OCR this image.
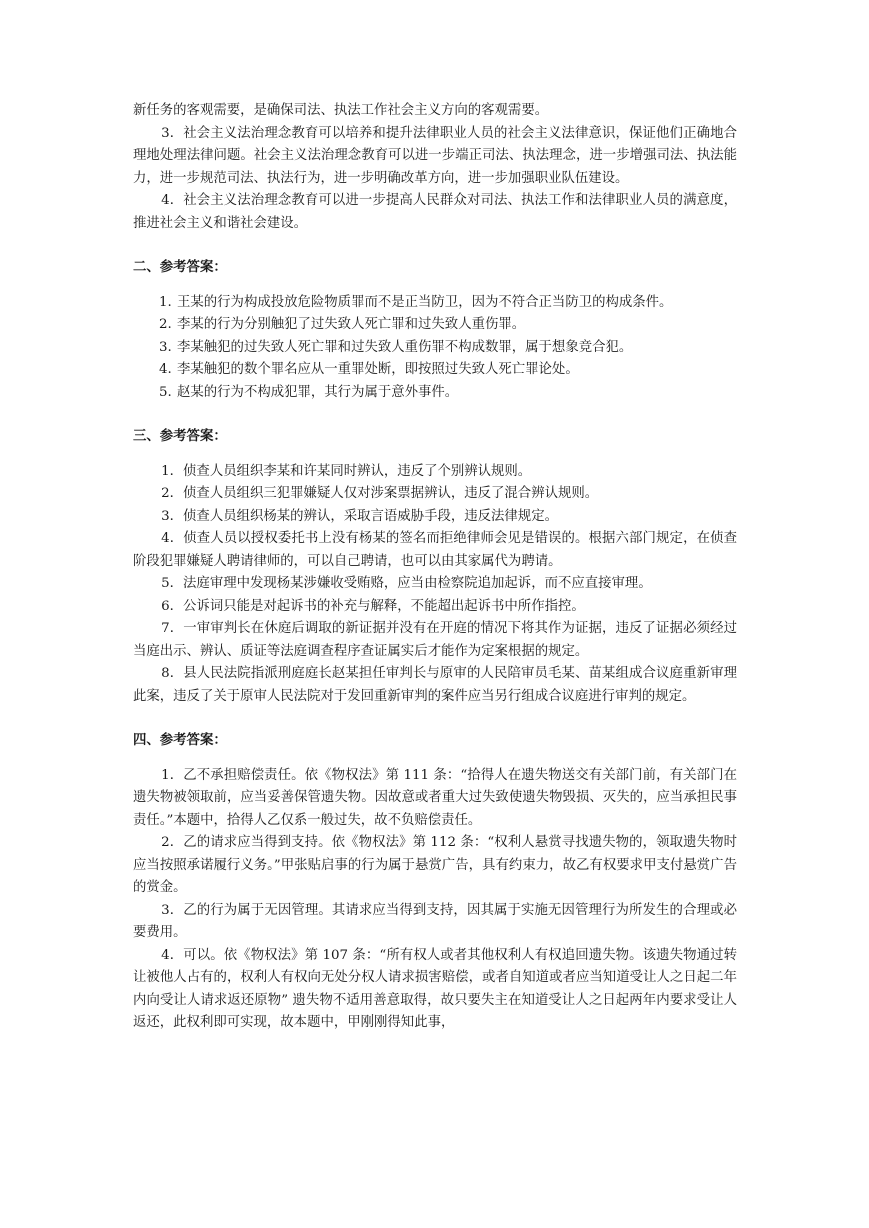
新任务的客观需要，是确保司法、执法工作社会主义方向的客观需要。

3．社会主义法治理念教育可以培养和提升法律职业人员的社会主义法律意识，保证他们正确地合理地处理法律问题。社会主义法治理念教育可以进一步端正司法、执法理念，进一步增强司法、执法能力，进一步规范司法、执法行为，进一步明确改革方向，进一步加强职业队伍建设。

4．社会主义法治理念教育可以进一步提高人民群众对司法、执法工作和法律职业人员的满意度，推进社会主义和谐社会建设。

二、参考答案：
1. 王某的行为构成投放危险物质罪而不是正当防卫，因为不符合正当防卫的构成条件。
2. 李某的行为分别触犯了过失致人死亡罪和过失致人重伤罪。
3. 李某触犯的过失致人死亡罪和过失致人重伤罪不构成数罪，属于想象竞合犯。
4. 李某触犯的数个罪名应从一重罪处断，即按照过失致人死亡罪论处。
5. 赵某的行为不构成犯罪，其行为属于意外事件。
三、参考答案：

1．侦查人员组织李某和许某同时辨认，违反了个别辨认规则。

2．侦查人员组织三犯罪嫌疑人仅对涉案票据辨认，违反了混合辨认规则。

3．侦查人员组织杨某的辨认，采取言语威胁手段，违反法律规定。

4．侦查人员以授权委托书上没有杨某的签名而拒绝律师会见是错误的。根据六部门规定，在侦查阶段犯罪嫌疑人聘请律师的，可以自己聘请，也可以由其家属代为聘请。

5．法庭审理中发现杨某涉嫌收受贿赂，应当由检察院追加起诉，而不应直接审理。

6．公诉词只能是对起诉书的补充与解释，不能超出起诉书中所作指控。

7．一审审判长在休庭后调取的新证据并没有在开庭的情况下将其作为证据，违反了证据必须经过当庭出示、辨认、质证等法庭调查程序查证属实后才能作为定案根据的规定。

8．县人民法院指派刑庭庭长赵某担任审判长与原审的人民陪审员毛某、苗某组成合议庭重新审理此案，违反了关于原审人民法院对于发回重新审判的案件应当另行组成合议庭进行审判的规定。

四、参考答案：

1．乙不承担赔偿责任。依《物权法》第 111 条：“拾得人在遗失物送交有关部门前，有关部门在遗失物被领取前，应当妥善保管遗失物。因故意或者重大过失致使遗失物毁损、灭失的，应当承担民事责任。”本题中，拾得人乙仅系一般过失，故不负赔偿责任。

2．乙的请求应当得到支持。依《物权法》第 112 条：“权利人悬赏寻找遗失物的，领取遗失物时应当按照承诺履行义务。”甲张贴启事的行为属于悬赏广告，具有约束力，故乙有权要求甲支付悬赏广告的赏金。

3．乙的行为属于无因管理。其请求应当得到支持，因其属于实施无因管理行为所发生的合理或必要费用。

4．可以。依《物权法》第 107 条：“所有权人或者其他权利人有权追回遗失物。该遗失物通过转让被他人占有的，权利人有权向无处分权人请求损害赔偿，或者自知道或者应当知道受让人之日起二年内向受让人请求返还原物” 遗失物不适用善意取得，故只要失主在知道受让人之日起两年内要求受让人返还，此权利即可实现，故本题中，甲刚刚得知此事，
